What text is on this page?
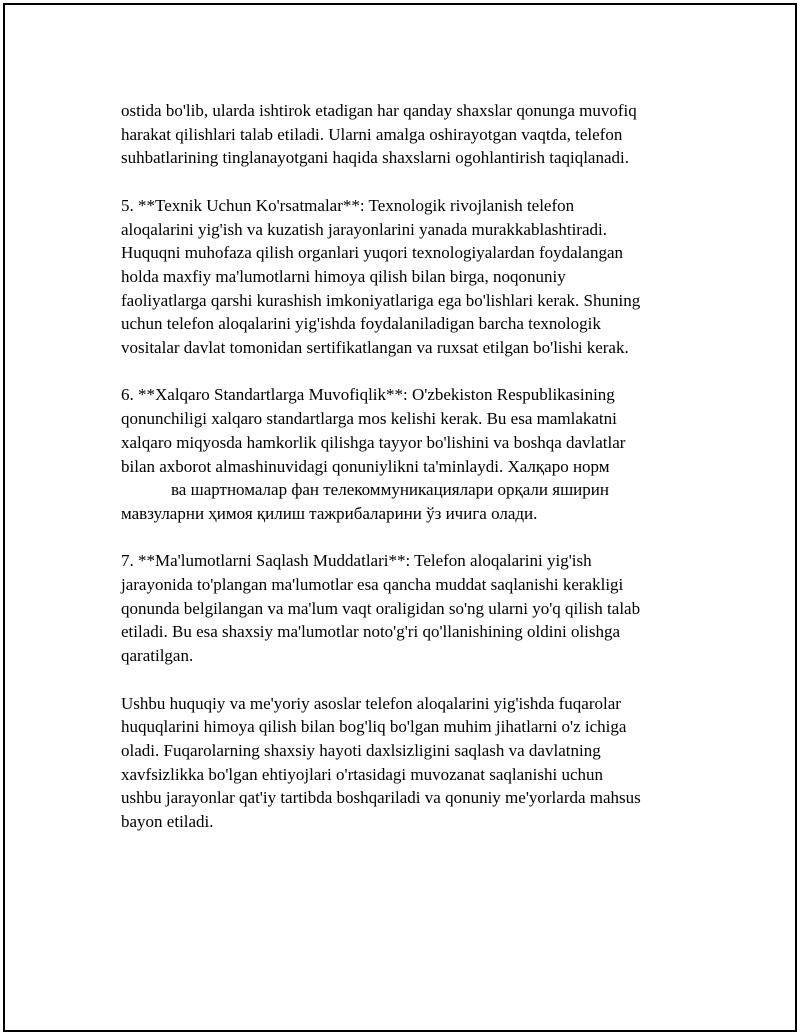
ostida bo'lib, ularda ishtirok etadigan har qanday shaxslar qonunga muvofiq

harakat qilishlari talab etiladi. Ularni amalga oshirayotgan vaqtda, telefon

suhbatlarining tinglanayotgani haqida shaxslarni ogohlantirish taqiqlanadi.

5. **Texnik Uchun Ko'rsatmalar**: Texnologik rivojlanish telefon

aloqalarini yig'ish va kuzatish jarayonlarini yanada murakkablashtiradi.

Huquqni muhofaza qilish organlari yuqori texnologiyalardan foydalangan

holda maxfiy ma'lumotlarni himoya qilish bilan birga, noqonuniy

faoliyatlarga qarshi kurashish imkoniyatlariga ega bo'lishlari kerak. Shuning

uchun telefon aloqalarini yig'ishda foydalaniladigan barcha texnologik

vositalar davlat tomonidan sertifikatlangan va ruxsat etilgan bo'lishi kerak.

6. **Xalqaro Standartlarga Muvofiqlik**: O'zbekiston Respublikasining

qonunchiligi xalqaro standartlarga mos kelishi kerak. Bu esa mamlakatni

xalqaro miqyosda hamkorlik qilishga tayyor bo'lishini va boshqa davlatlar

bilan axborot almashinuvidagi qonuniylikni ta'minlaydi. Халқаро норм

ва шартномалар фан телекоммуникациялари орқали яширин

мавзуларни ҳимоя қилиш тажрибаларини ўз ичига олади.

7. **Ma'lumotlarni Saqlash Muddatlari**: Telefon aloqalarini yig'ish

jarayonida to'plangan ma'lumotlar esa qancha muddat saqlanishi kerakligi

qonunda belgilangan va ma'lum vaqt oraligidan so'ng ularni yo'q qilish talab

etiladi. Bu esa shaxsiy ma'lumotlar noto'g'ri qo'llanishining oldini olishga

qaratilgan.

Ushbu huquqiy va me'yoriy asoslar telefon aloqalarini yig'ishda fuqarolar

huquqlarini himoya qilish bilan bog'liq bo'lgan muhim jihatlarni o'z ichiga

oladi. Fuqarolarning shaxsiy hayoti daxlsizligini saqlash va davlatning

xavfsizlikka bo'lgan ehtiyojlari o'rtasidagi muvozanat saqlanishi uchun

ushbu jarayonlar qat'iy tartibda boshqariladi va qonuniy me'yorlarda mahsus

bayon etiladi.
